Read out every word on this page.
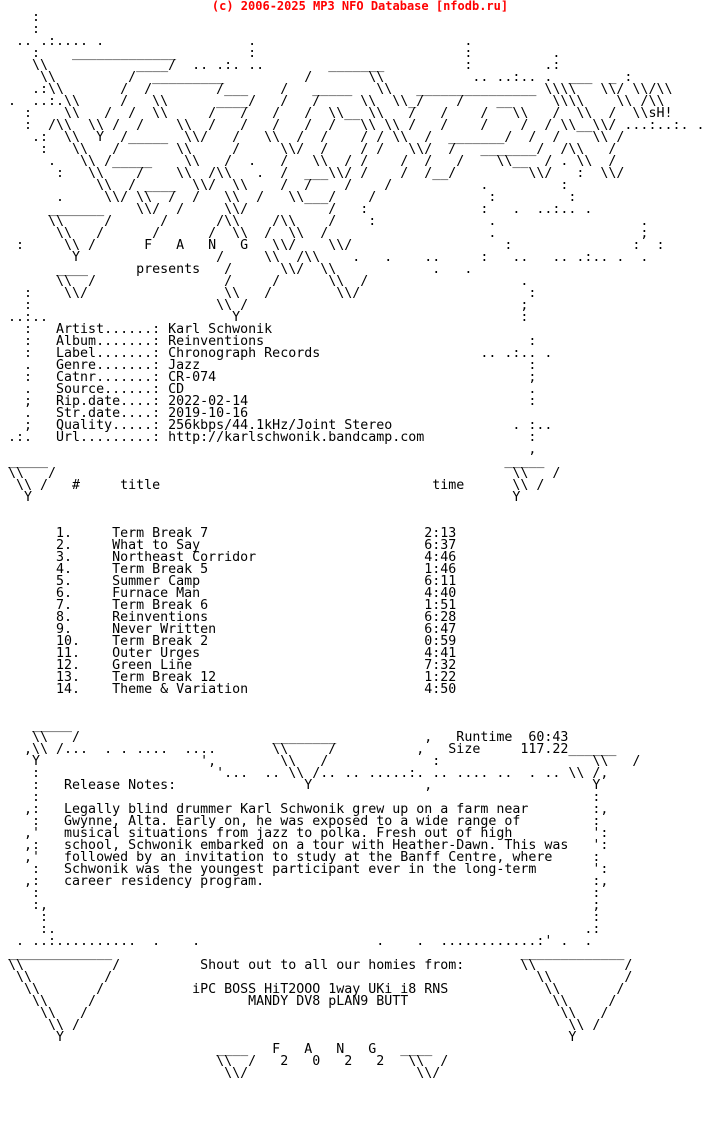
(c) 2006-2025 MP3 NFO Database [nfodb.ru]
:
:
.. .:.... .                  .                          .
:    _____________         :                          :          .
\\           ____/  .. .:. ..        _______          :         .:
\\         /  _________          /       \\           .. ..:.. .  ___  _ :
.:\\       /  /        /___    /   _____   \\   _______________ \\\\   \\/ \\/\\
.  ..:.\\     /   \\      ____/   /   /     \\  \\_/    /    __     \\\\    \\ /\\
:    \\   /  /  \\     /   /   /   /  \\__ \\   /   /    /   \\   /  \\  /  \\sH!
:  /\\  \\ /  /    \\  /   /   /   /  /   \\ \\ /   /    /    /  / \\__\\/ ...:..:. .
.:  \\  Y  /_____  \\/   /   \\  /  /    / / \\  /  _______/  /  /    \\ /
:   \\   /       \\     /     \\/  /    / /   \\/  /   _______/  /\\   /
.   \\ /_____    \\   /  .   /   \\  / /    /  /   /    \\__  / . \\  /
:   \\    /    \\  /\\   .  /  ___\\/ /    /  /__/         \\/   :  \\/
\\  / ____  \\/  \\    /  /    /    /           .         :
.     \\/ \\  /  /   \\  /   \\___/    /              :         :
_______    \\/  /     \\/          /   :              :   .  ..:.. .
\\     /      /      /\\    /\\    /    :              .                  .
\\   /      /      /  \\  /  \\  /                    .                  ;
:     \\ /      F   A   N   G   \\/    \\/                   :               :  :
Y                 /     \\  /\\    .   .    ..     :   ..   .. .:.. .  .
____      presents   /      \\/  \\            .   .
\\  /                /     /      \\  /                   .
:    \\/                 \\   /        \\/                     :
:                       \\ /                                  ;
..:..                       Y                                   :
:   Artist......: Karl Schwonik
:   Album.......: Reinventions                                 :
:   Label.......: Chronograph Records                    .. .:.. .
.   Genre.......: Jazz                                         :
:   Catnr.......: CR-074                                       ;
.   Source......: CD                                           .
;   Rip.date....: 2022-02-14                                   :
.   Str.date....: 2019-10-16
;   Quality.....: 256kbps/44.1kHz/Joint Stereo               . :..
.:.   Url.........: http://karlschwonik.bandcamp.com             :
,
_____                                                         _____
\\   /                                                         \\   /
\\ /   #     title                                  time      \\ /
Y                                                            Y

1.     Term Break 7                           2:13
2.     What to Say                            6:37
3.     Northeast Corridor                     4:46
4.     Term Break 5                           1:46
5.     Summer Camp                            6:11
6.     Furnace Man                            4:40
7.     Term Break 6                           1:51
8.     Reinventions                           6:28
9.     Never Written                          6:47
10.    Term Break 2                           0:59
11.    Outer Urges                            4:41
12.    Green Line                             7:32
13.    Term Break 12                          1:22
14.    Theme & Variation                      4:50

_____
\\   /                        ________           ,   Runtime  60:43
,\\ /...  . . ....  ....       \\     /          ,   Size     117.22______
Y                    ',        \\   /             :                   \\   /
:                      '...  .. \\ /.. .. .....:. .. .... ..  . .. \\ /,
:   Release Notes:                Y              ,                    Y
:                                                                     :
,:   Legally blind drummer Karl Schwonik grew up on a farm near        :,
:   Gwynne, Alta. Early on, he was exposed to a wide range of         :
,'   musical situations from jazz to polka. Fresh out of high          ':
,:   school, Schwonik embarked on a tour with Heather-Dawn. This was   ':
,'   followed by an invitation to study at the Banff Centre, where     :
:   Schwonik was the youngest participant ever in the long-term       ':
,:   career residency program.                                         :,
:                                                                     :
:,                                                                    ;
:                                                                    :
:.                                                                  .:
. ..:..........  .    .                      .    .  ............:' .  .
_____________                                                   _____________
\\           /          Shout out to all our homies from:       \\           /
\\         /                                                     \\         /
\\       /           iPC BOSS HiT2OOO 1way UKi i8 RNS            \\       /
\\     /                   MANDY DV8 pLAN9 BUTT                  \\     /
\\   /                                                           \\   /
\\ /                                                             \\ /
Y                                                               Y
____   F   A   N   G   ____
\\  /   2   0   2   2   \\  /
\\/                     \\/
